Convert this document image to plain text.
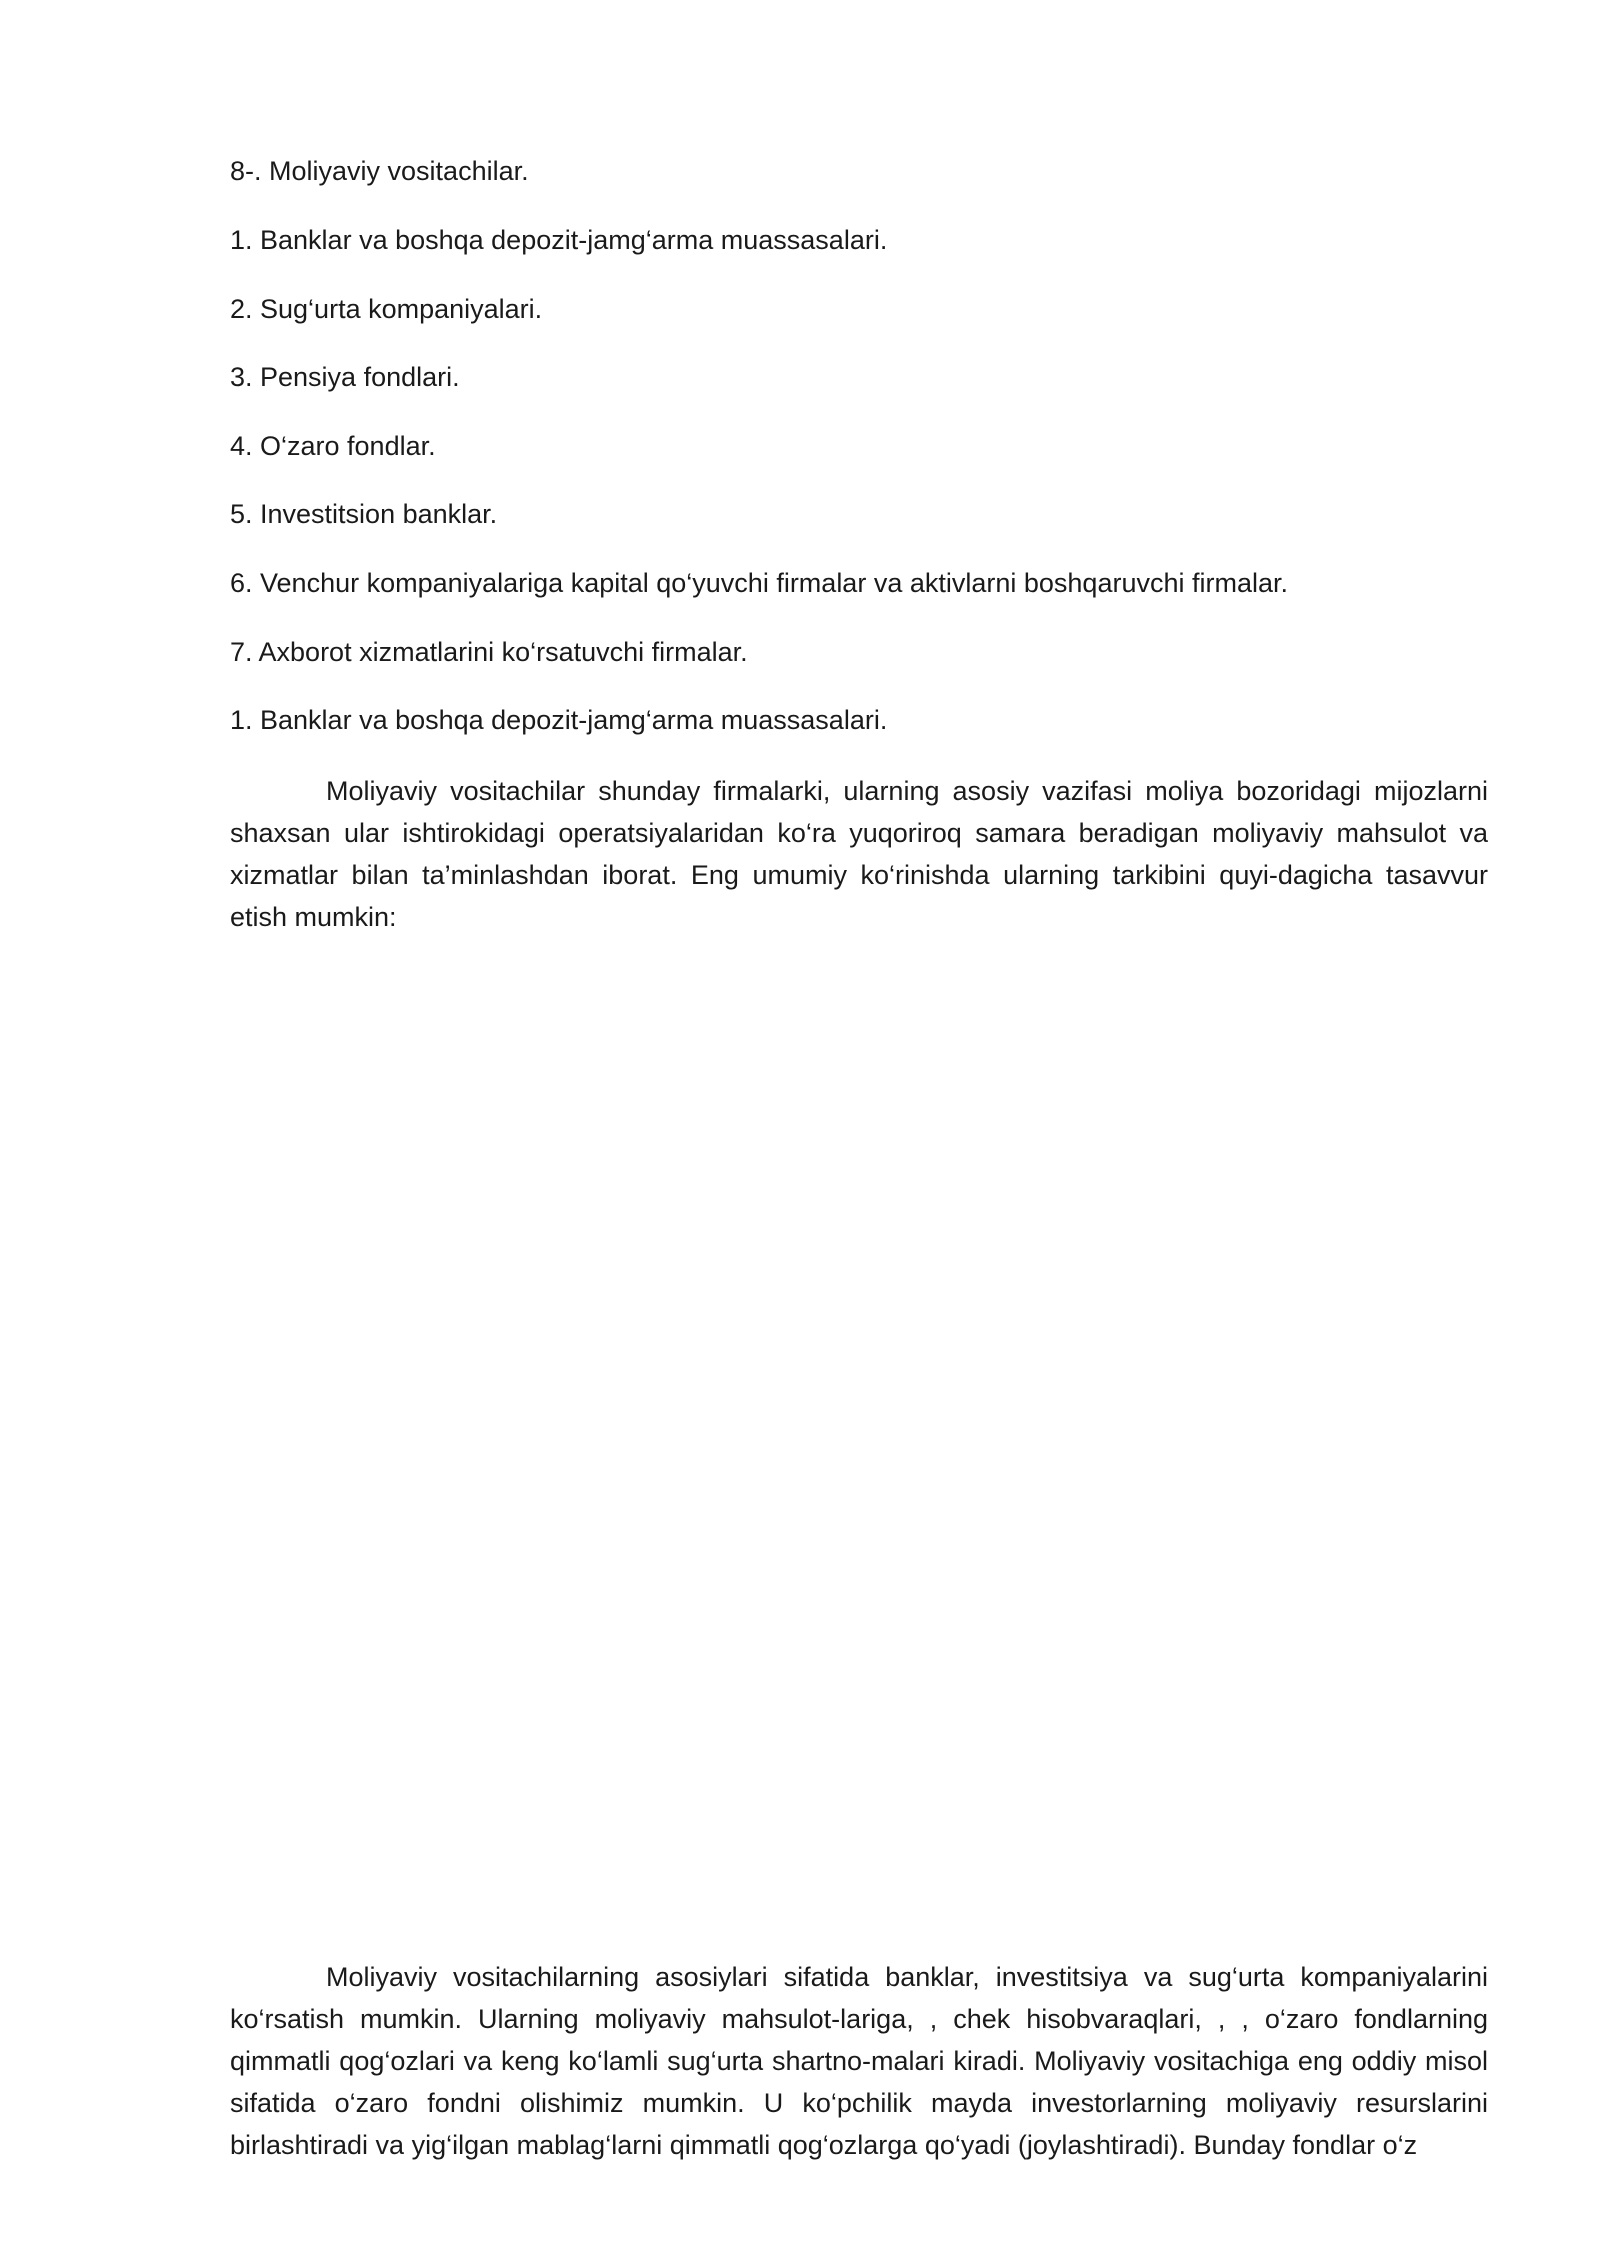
8-. Moliyaviy vositachilar.
1. Banklar va boshqa depozit-jamg‘arma muassasalari.
2. Sug‘urta kompaniyalari.
3. Pensiya fondlari.
4. O‘zaro fondlar.
5. Investitsion banklar.
6. Venchur kompaniyalariga kapital qo‘yuvchi firmalar va aktivlarni boshqaruvchi firmalar.
7. Axborot xizmatlarini ko‘rsatuvchi firmalar.
1. Banklar va boshqa depozit-jamg‘arma muassasalari.
Moliyaviy vositachilar shunday firmalarki, ularning asosiy vazifasi moliya bozoridagi mijozlarni shaxsan ular ishtirokidagi operatsiyalaridan ko‘ra yuqoriroq samara beradigan moliyaviy mahsulot va xizmatlar bilan ta’minlashdan iborat. Eng umumiy ko‘rinishda ularning tarkibini quyi-dagicha tasavvur etish mumkin:
Moliyaviy vositachilarning asosiylari sifatida banklar, investitsiya va sug‘urta kompaniyalarini ko‘rsatish mumkin. Ularning moliyaviy mahsulot-lariga, , chek hisobvaraqlari, , , o‘zaro fondlarning qimmatli qog‘ozlari va keng ko‘lamli sug‘urta shartno-malari kiradi. Moliyaviy vositachiga eng oddiy misol sifatida o‘zaro fondni olishimiz mumkin. U ko‘pchilik mayda investorlarning moliyaviy resurslarini birlashtiradi va yig‘ilgan mablag‘larni qimmatli qog‘ozlarga qo‘yadi (joylashtiradi). Bunday fondlar o‘z
